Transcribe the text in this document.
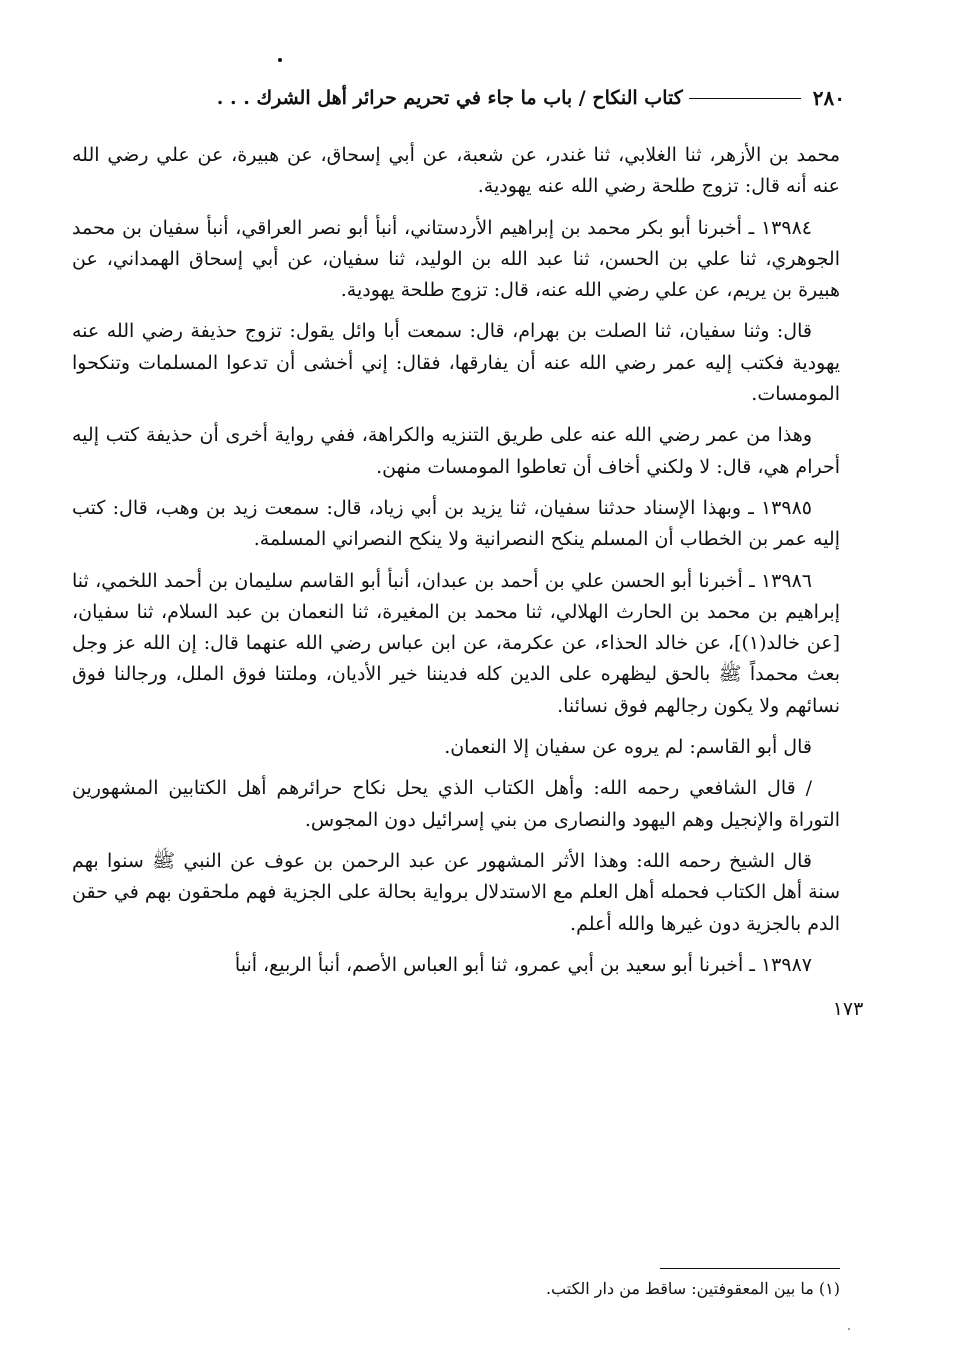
٢٨٠
كتاب النكاح / باب ما جاء في تحريم حرائر أهل الشرك . . .

محمد بن الأزهر، ثنا الغلابي، ثنا غندر، عن شعبة، عن أبي إسحاق، عن هبيرة، عن علي رضي الله عنه أنه قال: تزوج طلحة رضي الله عنه يهودية.

١٣٩٨٤ ـ أخبرنا أبو بكر محمد بن إبراهيم الأردستاني، أنبأ أبو نصر العراقي، أنبأ سفيان بن محمد الجوهري، ثنا علي بن الحسن، ثنا عبد الله بن الوليد، ثنا سفيان، عن أبي إسحاق الهمداني، عن هبيرة بن يريم، عن علي رضي الله عنه، قال: تزوج طلحة يهودية.

قال: وثنا سفيان، ثنا الصلت بن بهرام، قال: سمعت أبا وائل يقول: تزوج حذيفة رضي الله عنه يهودية فكتب إليه عمر رضي الله عنه أن يفارقها، فقال: إني أخشى أن تدعوا المسلمات وتنكحوا المومسات.

وهذا من عمر رضي الله عنه على طريق التنزيه والكراهة، ففي رواية أخرى أن حذيفة كتب إليه أحرام هي، قال: لا ولكني أخاف أن تعاطوا المومسات منهن.

١٣٩٨٥ ـ وبهذا الإسناد حدثنا سفيان، ثنا يزيد بن أبي زياد، قال: سمعت زيد بن وهب، قال: كتب إليه عمر بن الخطاب أن المسلم ينكح النصرانية ولا ينكح النصراني المسلمة.

١٣٩٨٦ ـ أخبرنا أبو الحسن علي بن أحمد بن عبدان، أنبأ أبو القاسم سليمان بن أحمد اللخمي، ثنا إبراهيم بن محمد بن الحارث الهلالي، ثنا محمد بن المغيرة، ثنا النعمان بن عبد السلام، ثنا سفيان، [عن خالد(١)]، عن خالد الحذاء، عن عكرمة، عن ابن عباس رضي الله عنهما قال: إن الله عز وجل بعث محمداً ﷺ بالحق ليظهره على الدين كله فديننا خير الأديان، وملتنا فوق الملل، ورجالنا فوق نسائهم ولا يكون رجالهم فوق نسائنا.

قال أبو القاسم: لم يروه عن سفيان إلا النعمان.

/ قال الشافعي رحمه الله: وأهل الكتاب الذي يحل نكاح حرائرهم أهل الكتابين المشهورين التوراة والإنجيل وهم اليهود والنصارى من بني إسرائيل دون المجوس.

قال الشيخ رحمه الله: وهذا الأثر المشهور عن عبد الرحمن بن عوف عن النبي ﷺ سنوا بهم سنة أهل الكتاب فحمله أهل العلم مع الاستدلال برواية بحالة على الجزية فهم ملحقون بهم في حقن الدم بالجزية دون غيرها والله أعلم.

١٣٩٨٧ ـ أخبرنا أبو سعيد بن أبي عمرو، ثنا أبو العباس الأصم، أنبأ الربيع، أنبأ

١٧٣
(١) ما بين المعقوفتين: ساقط من دار الكتب.
